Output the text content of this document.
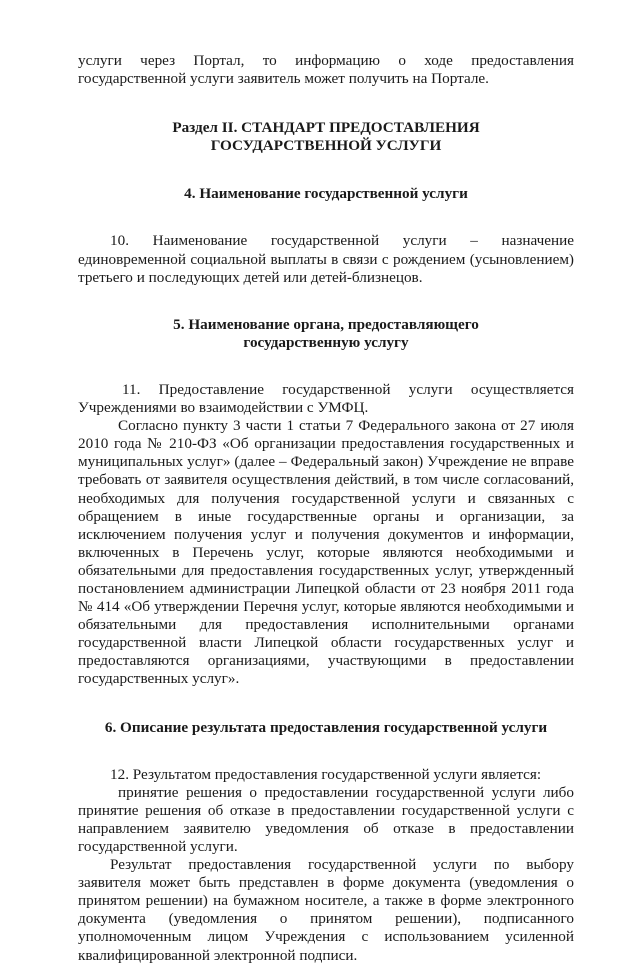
услуги через Портал, то информацию о ходе предоставления государственной услуги заявитель может получить на Портале.

Раздел II. СТАНДАРТ ПРЕДОСТАВЛЕНИЯ
ГОСУДАРСТВЕННОЙ УСЛУГИ
4. Наименование государственной услуги

10. Наименование государственной услуги – назначение единовременной социальной выплаты в связи с рождением (усыновлением) третьего и последующих детей или детей-близнецов.

5. Наименование органа, предоставляющего
государственную услугу

11. Предоставление государственной услуги осуществляется Учреждениями во взаимодействии с УМФЦ.

Согласно пункту 3 части 1 статьи 7 Федерального закона от 27 июля 2010 года № 210-ФЗ «Об организации предоставления государственных и муниципальных услуг» (далее – Федеральный закон) Учреждение не вправе требовать от заявителя осуществления действий, в том числе согласований, необходимых для получения государственной услуги и связанных с обращением в иные государственные органы и организации, за исключением получения услуг и получения документов и информации, включенных в Перечень услуг, которые являются необходимыми и обязательными для предоставления государственных услуг, утвержденный постановлением администрации Липецкой области от 23 ноября 2011 года № 414 «Об утверждении Перечня услуг, которые являются необходимыми и обязательными для предоставления исполнительными органами государственной власти Липецкой области государственных услуг и предоставляются организациями, участвующими в предоставлении государственных услуг».

6. Описание результата предоставления государственной услуги

12. Результатом предоставления государственной услуги является:

принятие решения о предоставлении государственной услуги либо принятие решения об отказе в предоставлении государственной услуги с направлением заявителю уведомления об отказе в предоставлении государственной услуги.

Результат предоставления государственной услуги по выбору заявителя может быть представлен в форме документа (уведомления о принятом решении) на бумажном носителе, а также в форме электронного документа (уведомления о принятом решении), подписанного уполномоченным лицом Учреждения с использованием усиленной квалифицированной электронной подписи.
